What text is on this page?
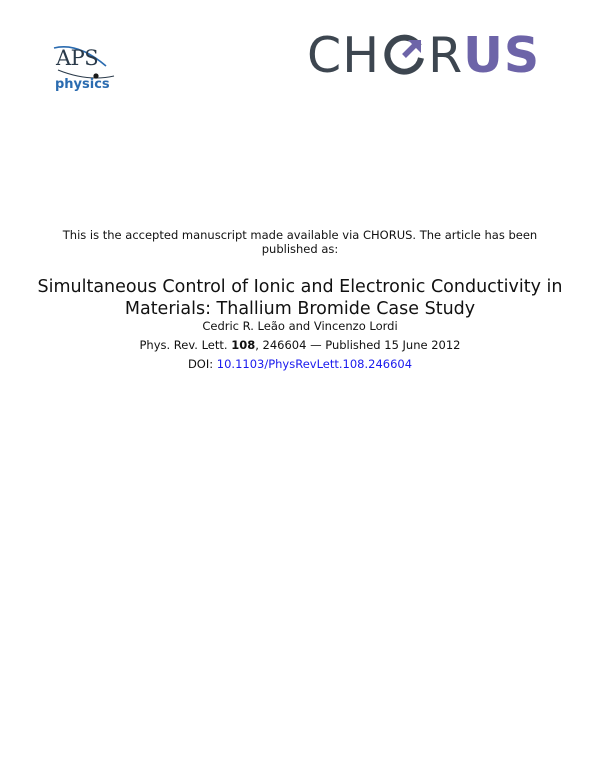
APS
physics
CH RUS
This is the accepted manuscript made available via CHORUS. The article has been published as:
Simultaneous Control of Ionic and Electronic Conductivity in Materials: Thallium Bromide Case Study
Cedric R. Leão and Vincenzo Lordi
Phys. Rev. Lett. 108, 246604 — Published 15 June 2012
DOI: 10.1103/PhysRevLett.108.246604
